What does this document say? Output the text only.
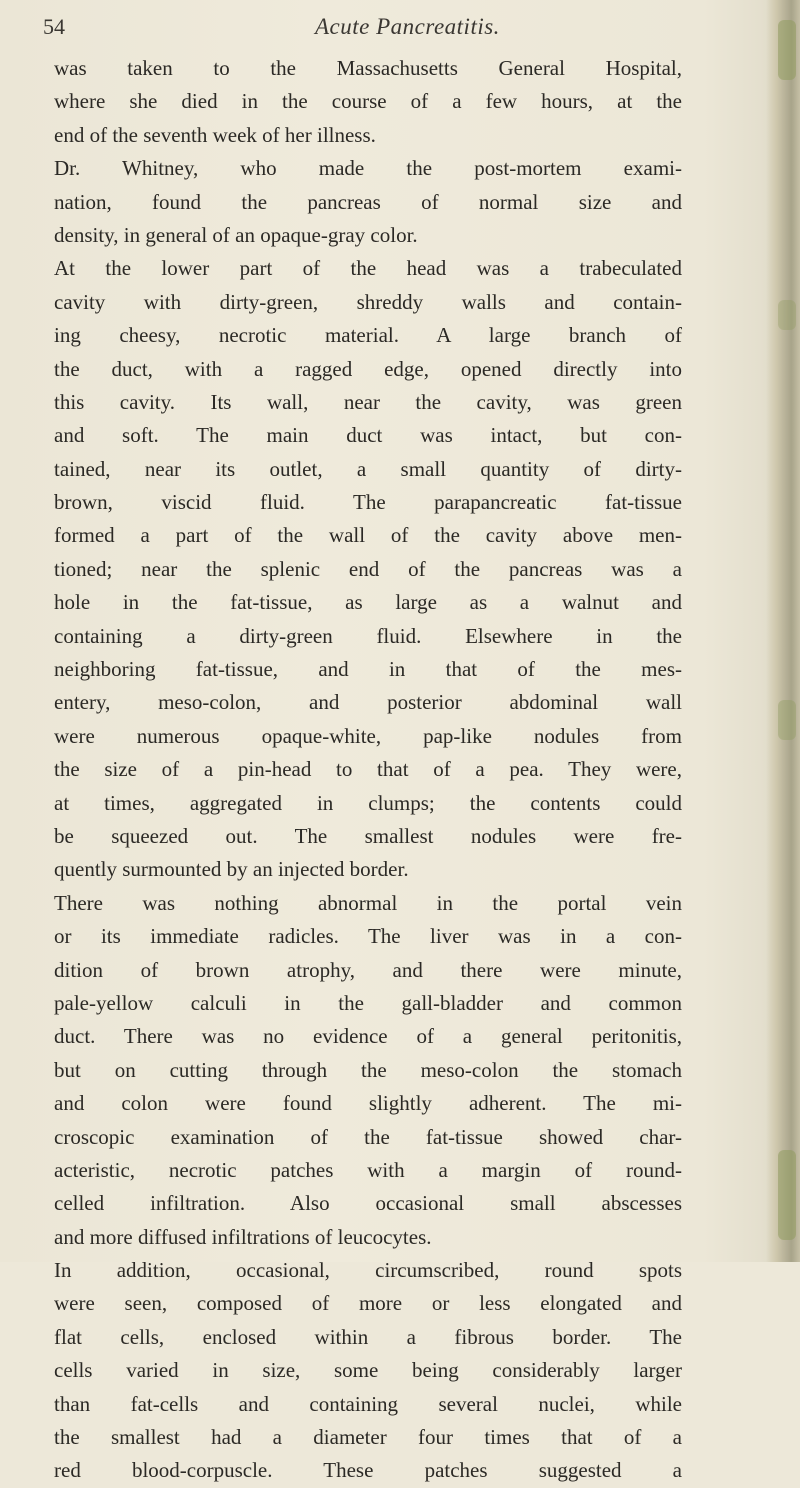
54	Acute Pancreatitis.
was taken to the Massachusetts General Hospital,
where she died in the course of a few hours, at the
end of the seventh week of her illness.
Dr. Whitney, who made the post-mortem exami-
nation, found the pancreas of normal size and
density, in general of an opaque-gray color.
At the lower part of the head was a trabeculated
cavity with dirty-green, shreddy walls and contain-
ing cheesy, necrotic material. A large branch of
the duct, with a ragged edge, opened directly into
this cavity. Its wall, near the cavity, was green
and soft. The main duct was intact, but con-
tained, near its outlet, a small quantity of dirty-
brown, viscid fluid. The parapancreatic fat-tissue
formed a part of the wall of the cavity above men-
tioned; near the splenic end of the pancreas was a
hole in the fat-tissue, as large as a walnut and
containing a dirty-green fluid. Elsewhere in the
neighboring fat-tissue, and in that of the mes-
entery, meso-colon, and posterior abdominal wall
were numerous opaque-white, pap-like nodules from
the size of a pin-head to that of a pea. They were,
at times, aggregated in clumps; the contents could
be squeezed out. The smallest nodules were fre-
quently surmounted by an injected border.
There was nothing abnormal in the portal vein
or its immediate radicles. The liver was in a con-
dition of brown atrophy, and there were minute,
pale-yellow calculi in the gall-bladder and common
duct. There was no evidence of a general peritonitis,
but on cutting through the meso-colon the stomach
and colon were found slightly adherent. The mi-
croscopic examination of the fat-tissue showed char-
acteristic, necrotic patches with a margin of round-
celled infiltration. Also occasional small abscesses
and more diffused infiltrations of leucocytes.
In addition, occasional, circumscribed, round spots
were seen, composed of more or less elongated and
flat cells, enclosed within a fibrous border. The
cells varied in size, some being considerably larger
than fat-cells and containing several nuclei, while
the smallest had a diameter four times that of a
red blood-corpuscle. These patches suggested a
